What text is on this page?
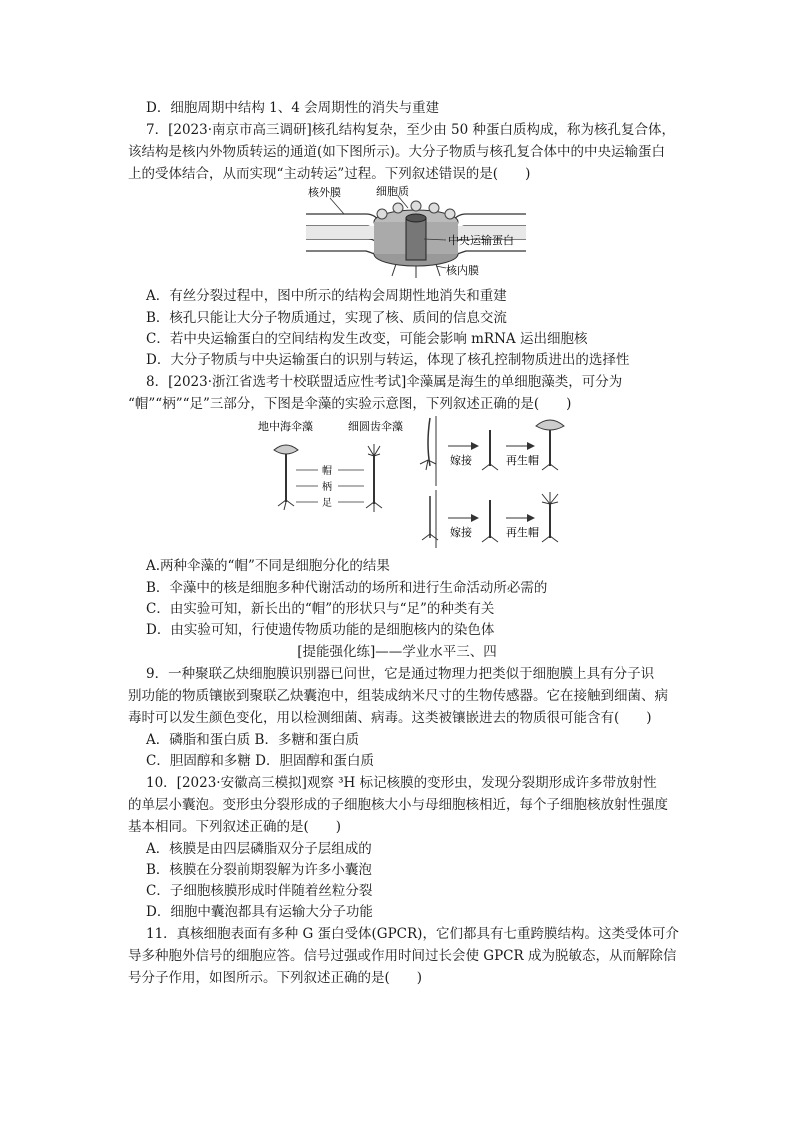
D．细胞周期中结构 1、4 会周期性的消失与重建
7．[2023·南京市高三调研]核孔结构复杂，至少由 50 种蛋白质构成，称为核孔复合体，
该结构是核内外物质转运的通道(如下图所示)。大分子物质与核孔复合体中的中央运输蛋白
上的受体结合，从而实现“主动转运”过程。下列叙述错误的是(　　)
核外膜	细胞质
中央运输蛋白
核内膜
A．有丝分裂过程中，图中所示的结构会周期性地消失和重建
B．核孔只能让大分子物质通过，实现了核、质间的信息交流
C．若中央运输蛋白的空间结构发生改变，可能会影响 mRNA 运出细胞核
D．大分子物质与中央运输蛋白的识别与转运，体现了核孔控制物质进出的选择性
8．[2023·浙江省选考十校联盟适应性考试]伞藻属是海生的单细胞藻类，可分为
“帽”“柄”“足”三部分，下图是伞藻的实验示意图，下列叙述正确的是(　　)
地中海伞藻	细圆齿伞藻
帽
柄
足
嫁接	再生帽
嫁接	再生帽
A.两种伞藻的“帽”不同是细胞分化的结果
B．伞藻中的核是细胞多种代谢活动的场所和进行生命活动所必需的
C．由实验可知，新长出的“帽”的形状只与“足”的种类有关
D．由实验可知，行使遗传物质功能的是细胞核内的染色体
[提能强化练]——学业水平三、四
9．一种聚联乙炔细胞膜识别器已问世，它是通过物理力把类似于细胞膜上具有分子识
别功能的物质镶嵌到聚联乙炔囊泡中，组装成纳米尺寸的生物传感器。它在接触到细菌、病
毒时可以发生颜色变化，用以检测细菌、病毒。这类被镶嵌进去的物质很可能含有(　　)
A．磷脂和蛋白质 B．多糖和蛋白质
C．胆固醇和多糖 D．胆固醇和蛋白质
10．[2023·安徽高三模拟]观察 ³H 标记核膜的变形虫，发现分裂期形成许多带放射性
的单层小囊泡。变形虫分裂形成的子细胞核大小与母细胞核相近，每个子细胞核放射性强度
基本相同。下列叙述正确的是(　　)
A．核膜是由四层磷脂双分子层组成的
B．核膜在分裂前期裂解为许多小囊泡
C．子细胞核膜形成时伴随着丝粒分裂
D．细胞中囊泡都具有运输大分子功能
11．真核细胞表面有多种 G 蛋白受体(GPCR)，它们都具有七重跨膜结构。这类受体可介
导多种胞外信号的细胞应答。信号过强或作用时间过长会使 GPCR 成为脱敏态，从而解除信
号分子作用，如图所示。下列叙述正确的是(　　)
